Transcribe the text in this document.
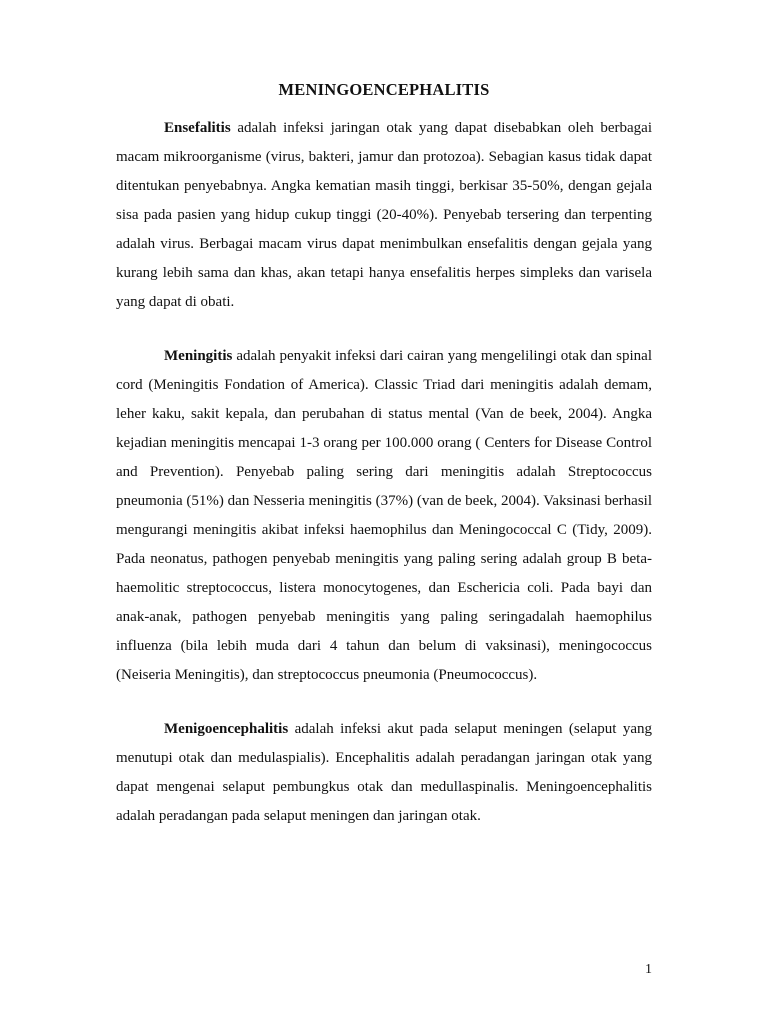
MENINGOENCEPHALITIS

Ensefalitis adalah infeksi jaringan otak yang dapat disebabkan oleh berbagai macam mikroorganisme (virus, bakteri, jamur dan protozoa). Sebagian kasus tidak dapat ditentukan penyebabnya. Angka kematian masih tinggi, berkisar 35-50%, dengan gejala sisa pada pasien yang hidup cukup tinggi (20-40%). Penyebab tersering dan terpenting adalah virus. Berbagai macam virus dapat menimbulkan ensefalitis dengan gejala yang kurang lebih sama dan khas, akan tetapi hanya ensefalitis herpes simpleks dan varisela yang dapat di obati.

Meningitis adalah penyakit infeksi dari cairan yang mengelilingi otak dan spinal cord (Meningitis Fondation of America). Classic Triad dari meningitis adalah demam, leher kaku, sakit kepala, dan perubahan di status mental (Van de beek, 2004). Angka kejadian meningitis mencapai 1-3 orang per 100.000 orang ( Centers for Disease Control and Prevention). Penyebab paling sering dari meningitis adalah Streptococcus pneumonia (51%) dan Nesseria meningitis (37%) (van de beek, 2004). Vaksinasi berhasil mengurangi meningitis akibat infeksi haemophilus dan Meningococcal C (Tidy, 2009). Pada neonatus, pathogen penyebab meningitis yang paling sering adalah group B beta-haemolitic streptococcus, listera monocytogenes, dan Eschericia coli. Pada bayi dan anak-anak, pathogen penyebab meningitis yang paling seringadalah haemophilus influenza (bila lebih muda dari 4 tahun dan belum di vaksinasi), meningococcus (Neiseria Meningitis), dan streptococcus pneumonia (Pneumococcus).

Menigoencephalitis adalah infeksi akut pada selaput meningen (selaput yang menutupi otak dan medulaspialis). Encephalitis adalah peradangan jaringan otak yang dapat mengenai selaput pembungkus otak dan medullaspinalis. Meningoencephalitis adalah peradangan pada selaput meningen dan jaringan otak.

1
